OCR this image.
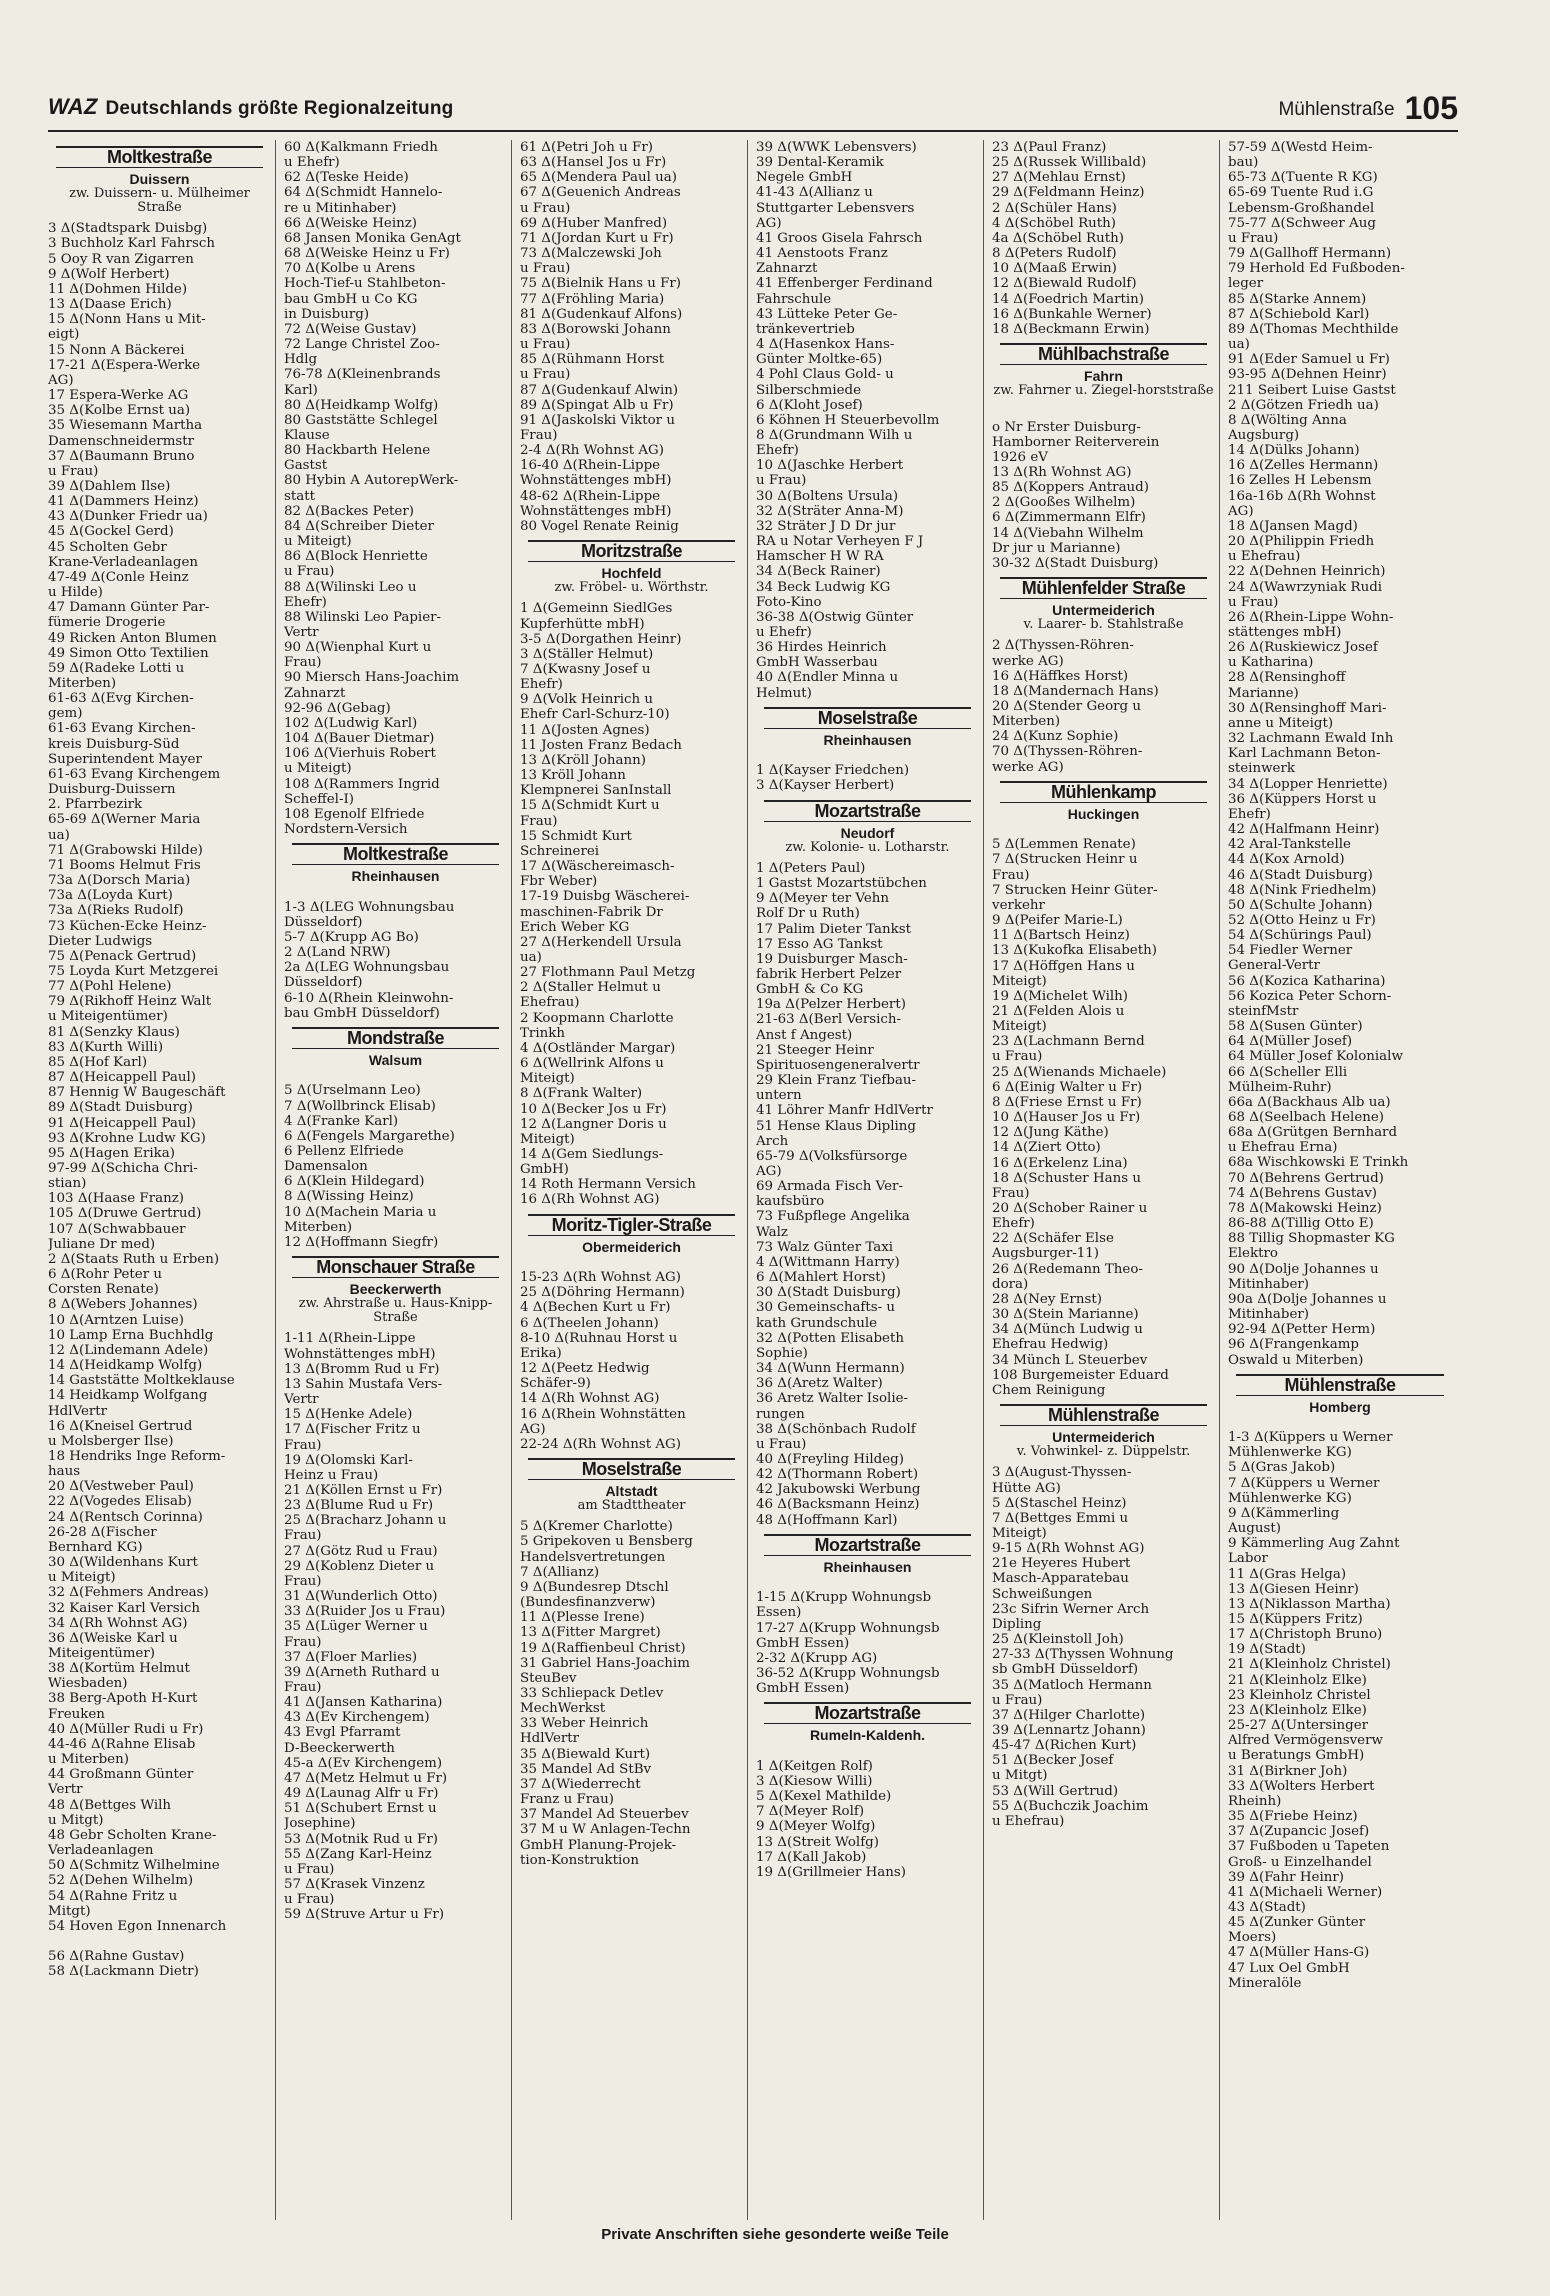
WAZ Deutschlands größte Regionalzeitung	Mühlenstraße 105
Moltkestraße
Duissern
zw. Duissern- u. Mülheimer Straße
3 Δ(Stadtspark Duisbg)
3 Buchholz Karl Fahrsch
5 Ooy R van Zigarren
9 Δ(Wolf Herbert)
11 Δ(Dohmen Hilde)
13 Δ(Daase Erich)
15 Δ(Nonn Hans u Mit-
eigt)
15 Nonn A Bäckerei
17-21 Δ(Espera-Werke
AG)
17 Espera-Werke AG
35 Δ(Kolbe Ernst ua)
35 Wiesemann Martha
Damenschneidermstr
37 Δ(Baumann Bruno
u Frau)
39 Δ(Dahlem Ilse)
41 Δ(Dammers Heinz)
43 Δ(Dunker Friedr ua)
45 Δ(Gockel Gerd)
45 Scholten Gebr
Krane-Verladeanlagen
47-49 Δ(Conle Heinz
u Hilde)
47 Damann Günter Par-
fümerie Drogerie
49 Ricken Anton Blumen
49 Simon Otto Textilien
59 Δ(Radeke Lotti u
Miterben)
61-63 Δ(Evg Kirchen-
gem)
61-63 Evang Kirchen-
kreis Duisburg-Süd
Superintendent Mayer
61-63 Evang Kirchengem
Duisburg-Duissern
2. Pfarrbezirk
65-69 Δ(Werner Maria
ua)
71 Δ(Grabowski Hilde)
71 Booms Helmut Fris
73a Δ(Dorsch Maria)
73a Δ(Loyda Kurt)
73a Δ(Rieks Rudolf)
73 Küchen-Ecke Heinz-
Dieter Ludwigs
75 Δ(Penack Gertrud)
75 Loyda Kurt Metzgerei
77 Δ(Pohl Helene)
79 Δ(Rikhoff Heinz Walt
u Miteigentümer)
81 Δ(Senzky Klaus)
83 Δ(Kurth Willi)
85 Δ(Hof Karl)
87 Δ(Heicappell Paul)
87 Hennig W Baugeschäft
89 Δ(Stadt Duisburg)
91 Δ(Heicappell Paul)
93 Δ(Krohne Ludw KG)
95 Δ(Hagen Erika)
97-99 Δ(Schicha Chri-
stian)
103 Δ(Haase Franz)
105 Δ(Druwe Gertrud)
107 Δ(Schwabbauer
Juliane Dr med)
2 Δ(Staats Ruth u Erben)
6 Δ(Rohr Peter u
Corsten Renate)
8 Δ(Webers Johannes)
10 Δ(Arntzen Luise)
10 Lamp Erna Buchhdlg
12 Δ(Lindemann Adele)
14 Δ(Heidkamp Wolfg)
14 Gaststätte Moltkeklause
14 Heidkamp Wolfgang
HdlVertr
16 Δ(Kneisel Gertrud
u Molsberger Ilse)
18 Hendriks Inge Reform-
haus
20 Δ(Vestweber Paul)
22 Δ(Vogedes Elisab)
24 Δ(Rentsch Corinna)
26-28 Δ(Fischer
Bernhard KG)
30 Δ(Wildenhans Kurt
u Miteigt)
32 Δ(Fehmers Andreas)
32 Kaiser Karl Versich
34 Δ(Rh Wohnst AG)
36 Δ(Weiske Karl u
Miteigentümer)
38 Δ(Kortüm Helmut
Wiesbaden)
38 Berg-Apoth H-Kurt
Freuken
40 Δ(Müller Rudi u Fr)
44-46 Δ(Rahne Elisab
u Miterben)
44 Großmann Günter
Vertr
48 Δ(Bettges Wilh
u Mitgt)
48 Gebr Scholten Krane-
Verladeanlagen
50 Δ(Schmitz Wilhelmine
52 Δ(Dehen Wilhelm)
54 Δ(Rahne Fritz u
Mitgt)
54 Hoven Egon Innenarch

56 Δ(Rahne Gustav)
58 Δ(Lackmann Dietr)
60 Δ(Kalkmann Friedh
u Ehefr)
62 Δ(Teske Heide)
64 Δ(Schmidt Hannelo-
re u Mitinhaber)
66 Δ(Weiske Heinz)
68 Jansen Monika GenAgt
68 Δ(Weiske Heinz u Fr)
70 Δ(Kolbe u Arens
Hoch-Tief-u Stahlbeton-
bau GmbH u Co KG
in Duisburg)
72 Δ(Weise Gustav)
72 Lange Christel Zoo-
Hdlg
76-78 Δ(Kleinenbrands
Karl)
80 Δ(Heidkamp Wolfg)
80 Gaststätte Schlegel
Klause
80 Hackbarth Helene
Gastst
80 Hybin A AutorepWerk-
statt
82 Δ(Backes Peter)
84 Δ(Schreiber Dieter
u Miteigt)
86 Δ(Block Henriette
u Frau)
88 Δ(Wilinski Leo u
Ehefr)
88 Wilinski Leo Papier-
Vertr
90 Δ(Wienphal Kurt u
Frau)
90 Miersch Hans-Joachim
Zahnarzt
92-96 Δ(Gebag)
102 Δ(Ludwig Karl)
104 Δ(Bauer Dietmar)
106 Δ(Vierhuis Robert
u Miteigt)
108 Δ(Rammers Ingrid
Scheffel-I)
108 Egenolf Elfriede
Nordstern-Versich
Moltkestraße
Rheinhausen

1-3 Δ(LEG Wohnungsbau
Düsseldorf)
5-7 Δ(Krupp AG Bo)
2 Δ(Land NRW)
2a Δ(LEG Wohnungsbau
Düsseldorf)
6-10 Δ(Rhein Kleinwohn-
bau GmbH Düsseldorf)
Mondstraße
Walsum

5 Δ(Urselmann Leo)
7 Δ(Wollbrinck Elisab)
4 Δ(Franke Karl)
6 Δ(Fengels Margarethe)
6 Pellenz Elfriede
Damensalon
6 Δ(Klein Hildegard)
8 Δ(Wissing Heinz)
10 Δ(Machein Maria u
Miterben)
12 Δ(Hoffmann Siegfr)
Monschauer Straße
Beeckerwerth
zw. Ahrstraße u. Haus-Knipp-Straße
1-11 Δ(Rhein-Lippe
Wohnstättenges mbH)
13 Δ(Bromm Rud u Fr)
13 Sahin Mustafa Vers-
Vertr
15 Δ(Henke Adele)
17 Δ(Fischer Fritz u
Frau)
19 Δ(Olomski Karl-
Heinz u Frau)
21 Δ(Köllen Ernst u Fr)
23 Δ(Blume Rud u Fr)
25 Δ(Bracharz Johann u
Frau)
27 Δ(Götz Rud u Frau)
29 Δ(Koblenz Dieter u
Frau)
31 Δ(Wunderlich Otto)
33 Δ(Ruider Jos u Frau)
35 Δ(Lüger Werner u
Frau)
37 Δ(Floer Marlies)
39 Δ(Arneth Ruthard u
Frau)
41 Δ(Jansen Katharina)
43 Δ(Ev Kirchengem)
43 Evgl Pfarramt
D-Beeckerwerth
45-a Δ(Ev Kirchengem)
47 Δ(Metz Helmut u Fr)
49 Δ(Launag Alfr u Fr)
51 Δ(Schubert Ernst u
Josephine)
53 Δ(Motnik Rud u Fr)
55 Δ(Zang Karl-Heinz
u Frau)
57 Δ(Krasek Vinzenz
u Frau)
59 Δ(Struve Artur u Fr)
61 Δ(Petri Joh u Fr)
63 Δ(Hansel Jos u Fr)
65 Δ(Mendera Paul ua)
67 Δ(Geuenich Andreas
u Frau)
69 Δ(Huber Manfred)
71 Δ(Jordan Kurt u Fr)
73 Δ(Malczewski Joh
u Frau)
75 Δ(Bielnik Hans u Fr)
77 Δ(Fröhling Maria)
81 Δ(Gudenkauf Alfons)
83 Δ(Borowski Johann
u Frau)
85 Δ(Rühmann Horst
u Frau)
87 Δ(Gudenkauf Alwin)
89 Δ(Spingat Alb u Fr)
91 Δ(Jaskolski Viktor u
Frau)
2-4 Δ(Rh Wohnst AG)
16-40 Δ(Rhein-Lippe
Wohnstättenges mbH)
48-62 Δ(Rhein-Lippe
Wohnstättenges mbH)
80 Vogel Renate Reinig
Moritzstraße
Hochfeld
zw. Fröbel- u. Wörthstr.
1 Δ(Gemeinn SiedlGes
Kupferhütte mbH)
3-5 Δ(Dorgathen Heinr)
3 Δ(Ställer Helmut)
7 Δ(Kwasny Josef u
Ehefr)
9 Δ(Volk Heinrich u
Ehefr Carl-Schurz-10)
11 Δ(Josten Agnes)
11 Josten Franz Bedach
13 Δ(Kröll Johann)
13 Kröll Johann
Klempnerei SanInstall
15 Δ(Schmidt Kurt u
Frau)
15 Schmidt Kurt
Schreinerei
17 Δ(Wäschereimasch-
Fbr Weber)
17-19 Duisbg Wäscherei-
maschinen-Fabrik Dr
Erich Weber KG
27 Δ(Herkendell Ursula
ua)
27 Flothmann Paul Metzg
2 Δ(Staller Helmut u
Ehefrau)
2 Koopmann Charlotte
Trinkh
4 Δ(Ostländer Margar)
6 Δ(Wellrink Alfons u
Miteigt)
8 Δ(Frank Walter)
10 Δ(Becker Jos u Fr)
12 Δ(Langner Doris u
Miteigt)
14 Δ(Gem Siedlungs-
GmbH)
14 Roth Hermann Versich
16 Δ(Rh Wohnst AG)
Moritz-Tigler-Straße
Obermeiderich

15-23 Δ(Rh Wohnst AG)
25 Δ(Döhring Hermann)
4 Δ(Bechen Kurt u Fr)
6 Δ(Theelen Johann)
8-10 Δ(Ruhnau Horst u
Erika)
12 Δ(Peetz Hedwig
Schäfer-9)
14 Δ(Rh Wohnst AG)
16 Δ(Rhein Wohnstätten
AG)
22-24 Δ(Rh Wohnst AG)
Moselstraße
Altstadt
am Stadttheater
5 Δ(Kremer Charlotte)
5 Gripekoven u Bensberg
Handelsvertretungen
7 Δ(Allianz)
9 Δ(Bundesrep Dtschl
(Bundesfinanzverw)
11 Δ(Plesse Irene)
13 Δ(Fitter Margret)
19 Δ(Raffienbeul Christ)
31 Gabriel Hans-Joachim
SteuBev
33 Schliepack Detlev
MechWerkst
33 Weber Heinrich
HdlVertr
35 Δ(Biewald Kurt)
35 Mandel Ad StBv
37 Δ(Wiederrecht
Franz u Frau)
37 Mandel Ad Steuerbev
37 M u W Anlagen-Techn
GmbH Planung-Projek-
tion-Konstruktion
39 Δ(WWK Lebensvers)
39 Dental-Keramik
Negele GmbH
41-43 Δ(Allianz u
Stuttgarter Lebensvers
AG)
41 Groos Gisela Fahrsch
41 Aenstoots Franz
Zahnarzt
41 Effenberger Ferdinand
Fahrschule
43 Lütteke Peter Ge-
tränkevertrieb
4 Δ(Hasenkox Hans-
Günter Moltke-65)
4 Pohl Claus Gold- u
Silberschmiede
6 Δ(Kloht Josef)
6 Köhnen H Steuerbevollm
8 Δ(Grundmann Wilh u
Ehefr)
10 Δ(Jaschke Herbert
u Frau)
30 Δ(Boltens Ursula)
32 Δ(Sträter Anna-M)
32 Sträter J D Dr jur
RA u Notar Verheyen F J
Hamscher H W RA
34 Δ(Beck Rainer)
34 Beck Ludwig KG
Foto-Kino
36-38 Δ(Ostwig Günter
u Ehefr)
36 Hirdes Heinrich
GmbH Wasserbau
40 Δ(Endler Minna u
Helmut)
Moselstraße
Rheinhausen

1 Δ(Kayser Friedchen)
3 Δ(Kayser Herbert)
Mozartstraße
Neudorf
zw. Kolonie- u. Lotharstr.
1 Δ(Peters Paul)
1 Gastst Mozartstübchen
9 Δ(Meyer ter Vehn
Rolf Dr u Ruth)
17 Palim Dieter Tankst
17 Esso AG Tankst
19 Duisburger Masch-
fabrik Herbert Pelzer
GmbH & Co KG
19a Δ(Pelzer Herbert)
21-63 Δ(Berl Versich-
Anst f Angest)
21 Steeger Heinr
Spirituosengeneralvertr
29 Klein Franz Tiefbau-
untern
41 Löhrer Manfr HdlVertr
51 Hense Klaus Dipling
Arch
65-79 Δ(Volksfürsorge
AG)
69 Armada Fisch Ver-
kaufsbüro
73 Fußpflege Angelika
Walz
73 Walz Günter Taxi
4 Δ(Wittmann Harry)
6 Δ(Mahlert Horst)
30 Δ(Stadt Duisburg)
30 Gemeinschafts- u
kath Grundschule
32 Δ(Potten Elisabeth
Sophie)
34 Δ(Wunn Hermann)
36 Δ(Aretz Walter)
36 Aretz Walter Isolie-
rungen
38 Δ(Schönbach Rudolf
u Frau)
40 Δ(Freyling Hildeg)
42 Δ(Thormann Robert)
42 Jakubowski Werbung
46 Δ(Backsmann Heinz)
48 Δ(Hoffmann Karl)
Mozartstraße
Rheinhausen

1-15 Δ(Krupp Wohnungsb
Essen)
17-27 Δ(Krupp Wohnungsb
GmbH Essen)
2-32 Δ(Krupp AG)
36-52 Δ(Krupp Wohnungsb
GmbH Essen)
Mozartstraße
Rumeln-Kaldenh.

1 Δ(Keitgen Rolf)
3 Δ(Kiesow Willi)
5 Δ(Kexel Mathilde)
7 Δ(Meyer Rolf)
9 Δ(Meyer Wolfg)
13 Δ(Streit Wolfg)
17 Δ(Kall Jakob)
19 Δ(Grillmeier Hans)
23 Δ(Paul Franz)
25 Δ(Russek Willibald)
27 Δ(Mehlau Ernst)
29 Δ(Feldmann Heinz)
2 Δ(Schüler Hans)
4 Δ(Schöbel Ruth)
4a Δ(Schöbel Ruth)
8 Δ(Peters Rudolf)
10 Δ(Maaß Erwin)
12 Δ(Biewald Rudolf)
14 Δ(Foedrich Martin)
16 Δ(Bunkahle Werner)
18 Δ(Beckmann Erwin)
Mühlbachstraße
Fahrn
zw. Fahrner u. Ziegel-horststraße

o Nr Erster Duisburg-
Hamborner Reiterverein
1926 eV
13 Δ(Rh Wohnst AG)
85 Δ(Koppers Antraud)
2 Δ(Gooßes Wilhelm)
6 Δ(Zimmermann Elfr)
14 Δ(Viebahn Wilhelm
Dr jur u Marianne)
30-32 Δ(Stadt Duisburg)
Mühlenfelder Straße
Untermeiderich
v. Laarer- b. Stahlstraße
2 Δ(Thyssen-Röhren-
werke AG)
16 Δ(Häffkes Horst)
18 Δ(Mandernach Hans)
20 Δ(Stender Georg u
Miterben)
24 Δ(Kunz Sophie)
70 Δ(Thyssen-Röhren-
werke AG)
Mühlenkamp
Huckingen

5 Δ(Lemmen Renate)
7 Δ(Strucken Heinr u
Frau)
7 Strucken Heinr Güter-
verkehr
9 Δ(Peifer Marie-L)
11 Δ(Bartsch Heinz)
13 Δ(Kukofka Elisabeth)
17 Δ(Höffgen Hans u
Miteigt)
19 Δ(Michelet Wilh)
21 Δ(Felden Alois u
Miteigt)
23 Δ(Lachmann Bernd
u Frau)
25 Δ(Wienands Michaele)
6 Δ(Einig Walter u Fr)
8 Δ(Friese Ernst u Fr)
10 Δ(Hauser Jos u Fr)
12 Δ(Jung Käthe)
14 Δ(Ziert Otto)
16 Δ(Erkelenz Lina)
18 Δ(Schuster Hans u
Frau)
20 Δ(Schober Rainer u
Ehefr)
22 Δ(Schäfer Else
Augsburger-11)
26 Δ(Redemann Theo-
dora)
28 Δ(Ney Ernst)
30 Δ(Stein Marianne)
34 Δ(Münch Ludwig u
Ehefrau Hedwig)
34 Münch L Steuerbev
108 Burgemeister Eduard
Chem Reinigung
Mühlenstraße
Untermeiderich
v. Vohwinkel- z. Düppelstr.
3 Δ(August-Thyssen-
Hütte AG)
5 Δ(Staschel Heinz)
7 Δ(Bettges Emmi u
Miteigt)
9-15 Δ(Rh Wohnst AG)
21e Heyeres Hubert
Masch-Apparatebau
Schweißungen
23c Sifrin Werner Arch
Dipling
25 Δ(Kleinstoll Joh)
27-33 Δ(Thyssen Wohnung
sb GmbH Düsseldorf)
35 Δ(Matloch Hermann
u Frau)
37 Δ(Hilger Charlotte)
39 Δ(Lennartz Johann)
45-47 Δ(Richen Kurt)
51 Δ(Becker Josef
u Mitgt)
53 Δ(Will Gertrud)
55 Δ(Buchczik Joachim
u Ehefrau)
57-59 Δ(Westd Heim-
bau)
65-73 Δ(Tuente R KG)
65-69 Tuente Rud i.G
Lebensm-Großhandel
75-77 Δ(Schweer Aug
u Frau)
79 Δ(Gallhoff Hermann)
79 Herhold Ed Fußboden-
leger
85 Δ(Starke Annem)
87 Δ(Schiebold Karl)
89 Δ(Thomas Mechthilde
ua)
91 Δ(Eder Samuel u Fr)
93-95 Δ(Dehnen Heinr)
211 Seibert Luise Gastst
2 Δ(Götzen Friedh ua)
8 Δ(Wölting Anna
Augsburg)
14 Δ(Dülks Johann)
16 Δ(Zelles Hermann)
16 Zelles H Lebensm
16a-16b Δ(Rh Wohnst
AG)
18 Δ(Jansen Magd)
20 Δ(Philippin Friedh
u Ehefrau)
22 Δ(Dehnen Heinrich)
24 Δ(Wawrzyniak Rudi
u Frau)
26 Δ(Rhein-Lippe Wohn-
stättenges mbH)
26 Δ(Ruskiewicz Josef
u Katharina)
28 Δ(Rensinghoff
Marianne)
30 Δ(Rensinghoff Mari-
anne u Miteigt)
32 Lachmann Ewald Inh
Karl Lachmann Beton-
steinwerk
34 Δ(Lopper Henriette)
36 Δ(Küppers Horst u
Ehefr)
42 Δ(Halfmann Heinr)
42 Aral-Tankstelle
44 Δ(Kox Arnold)
46 Δ(Stadt Duisburg)
48 Δ(Nink Friedhelm)
50 Δ(Schulte Johann)
52 Δ(Otto Heinz u Fr)
54 Δ(Schürings Paul)
54 Fiedler Werner
General-Vertr
56 Δ(Kozica Katharina)
56 Kozica Peter Schorn-
steinfMstr
58 Δ(Susen Günter)
64 Δ(Müller Josef)
64 Müller Josef Kolonialw
66 Δ(Scheller Elli
Mülheim-Ruhr)
66a Δ(Backhaus Alb ua)
68 Δ(Seelbach Helene)
68a Δ(Grütgen Bernhard
u Ehefrau Erna)
68a Wischkowski E Trinkh
70 Δ(Behrens Gertrud)
74 Δ(Behrens Gustav)
78 Δ(Makowski Heinz)
86-88 Δ(Tillig Otto E)
88 Tillig Shopmaster KG
Elektro
90 Δ(Dolje Johannes u
Mitinhaber)
90a Δ(Dolje Johannes u
Mitinhaber)
92-94 Δ(Petter Herm)
96 Δ(Frangenkamp
Oswald u Miterben)
Mühlenstraße
Homberg

1-3 Δ(Küppers u Werner
Mühlenwerke KG)
5 Δ(Gras Jakob)
7 Δ(Küppers u Werner
Mühlenwerke KG)
9 Δ(Kämmerling
August)
9 Kämmerling Aug Zahnt
Labor
11 Δ(Gras Helga)
13 Δ(Giesen Heinr)
13 Δ(Niklasson Martha)
15 Δ(Küppers Fritz)
17 Δ(Christoph Bruno)
19 Δ(Stadt)
21 Δ(Kleinholz Christel)
21 Δ(Kleinholz Elke)
23 Kleinholz Christel
23 Δ(Kleinholz Elke)
25-27 Δ(Untersinger
Alfred Vermögensverw
u Beratungs GmbH)
31 Δ(Birkner Joh)
33 Δ(Wolters Herbert
Rheinh)
35 Δ(Friebe Heinz)
37 Δ(Zupancic Josef)
37 Fußboden u Tapeten
Groß- u Einzelhandel
39 Δ(Fahr Heinr)
41 Δ(Michaeli Werner)
43 Δ(Stadt)
45 Δ(Zunker Günter
Moers)
47 Δ(Müller Hans-G)
47 Lux Oel GmbH
Mineralöle
Private Anschriften siehe gesonderte weiße Teile
